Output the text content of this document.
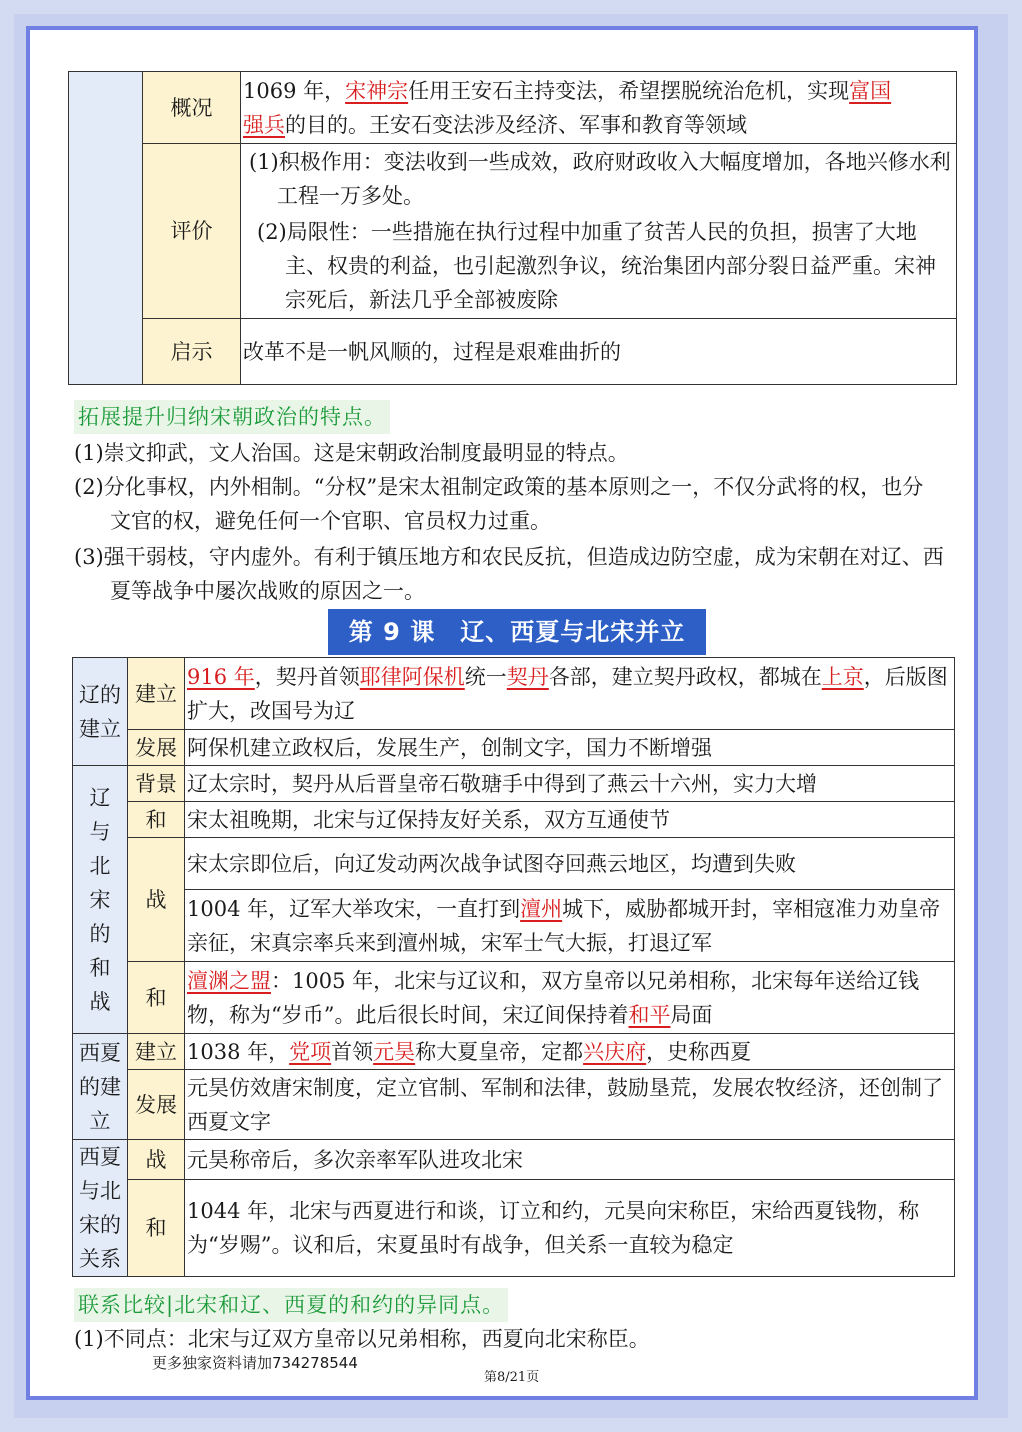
	概况	1069 年，宋神宗任用王安石主持变法，希望摆脱统治危机，实现富国
强兵的目的。王安石变法涉及经济、军事和教育等领域

	评价	(1)积极作用：变法收到一些成效，政府财政收入大幅度增加，各地兴修水利工程一万多处。
(2)局限性：一些措施在执行过程中加重了贫苦人民的负担，损害了大地主、权贵的利益，也引起激烈争议，统治集团内部分裂日益严重。宋神宗死后，新法几乎全部被废除

	启示	改革不是一帆风顺的，过程是艰难曲折的
拓展提升归纳宋朝政治的特点。
(1)崇文抑武，文人治国。这是宋朝政治制度最明显的特点。
(2)分化事权，内外相制。“分权”是宋太祖制定政策的基本原则之一，不仅分武将的权，也分文官的权，避免任何一个官职、官员权力过重。
(3)强干弱枝，守内虚外。有利于镇压地方和农民反抗，但造成边防空虚，成为宋朝在对辽、西夏等战争中屡次战败的原因之一。
第 9 课　辽、西夏与北宋并立
辽的建立	建立	916 年，契丹首领耶律阿保机统一契丹各部，建立契丹政权，都城在上京，后版图扩大，改国号为辽
	发展	阿保机建立政权后，发展生产，创制文字，国力不断增强
辽与北宋的和战	背景	辽太宗时，契丹从后晋皇帝石敬瑭手中得到了燕云十六州，实力大增
	和	宋太祖晚期，北宋与辽保持友好关系，双方互通使节
	战	宋太宗即位后，向辽发动两次战争试图夺回燕云地区，均遭到失败
		1004 年，辽军大举攻宋，一直打到澶州城下，威胁都城开封，宰相寇准力劝皇帝亲征，宋真宗率兵来到澶州城，宋军士气大振，打退辽军
	和	澶渊之盟：1005 年，北宋与辽议和，双方皇帝以兄弟相称，北宋每年送给辽钱物，称为“岁币”。此后很长时间，宋辽间保持着和平局面
西夏的建立	建立	1038 年，党项首领元昊称大夏皇帝，定都兴庆府，史称西夏
	发展	元昊仿效唐宋制度，定立官制、军制和法律，鼓励垦荒，发展农牧经济，还创制了西夏文字
西夏与北宋的关系	战	元昊称帝后，多次亲率军队进攻北宋
	和	1044 年，北宋与西夏进行和谈，订立和约，元昊向宋称臣，宋给西夏钱物，称为“岁赐”。议和后，宋夏虽时有战争，但关系一直较为稳定
联系比较|北宋和辽、西夏的和约的异同点。
(1)不同点：北宋与辽双方皇帝以兄弟相称，西夏向北宋称臣。
更多独家资料请加734278544
第8/21页
